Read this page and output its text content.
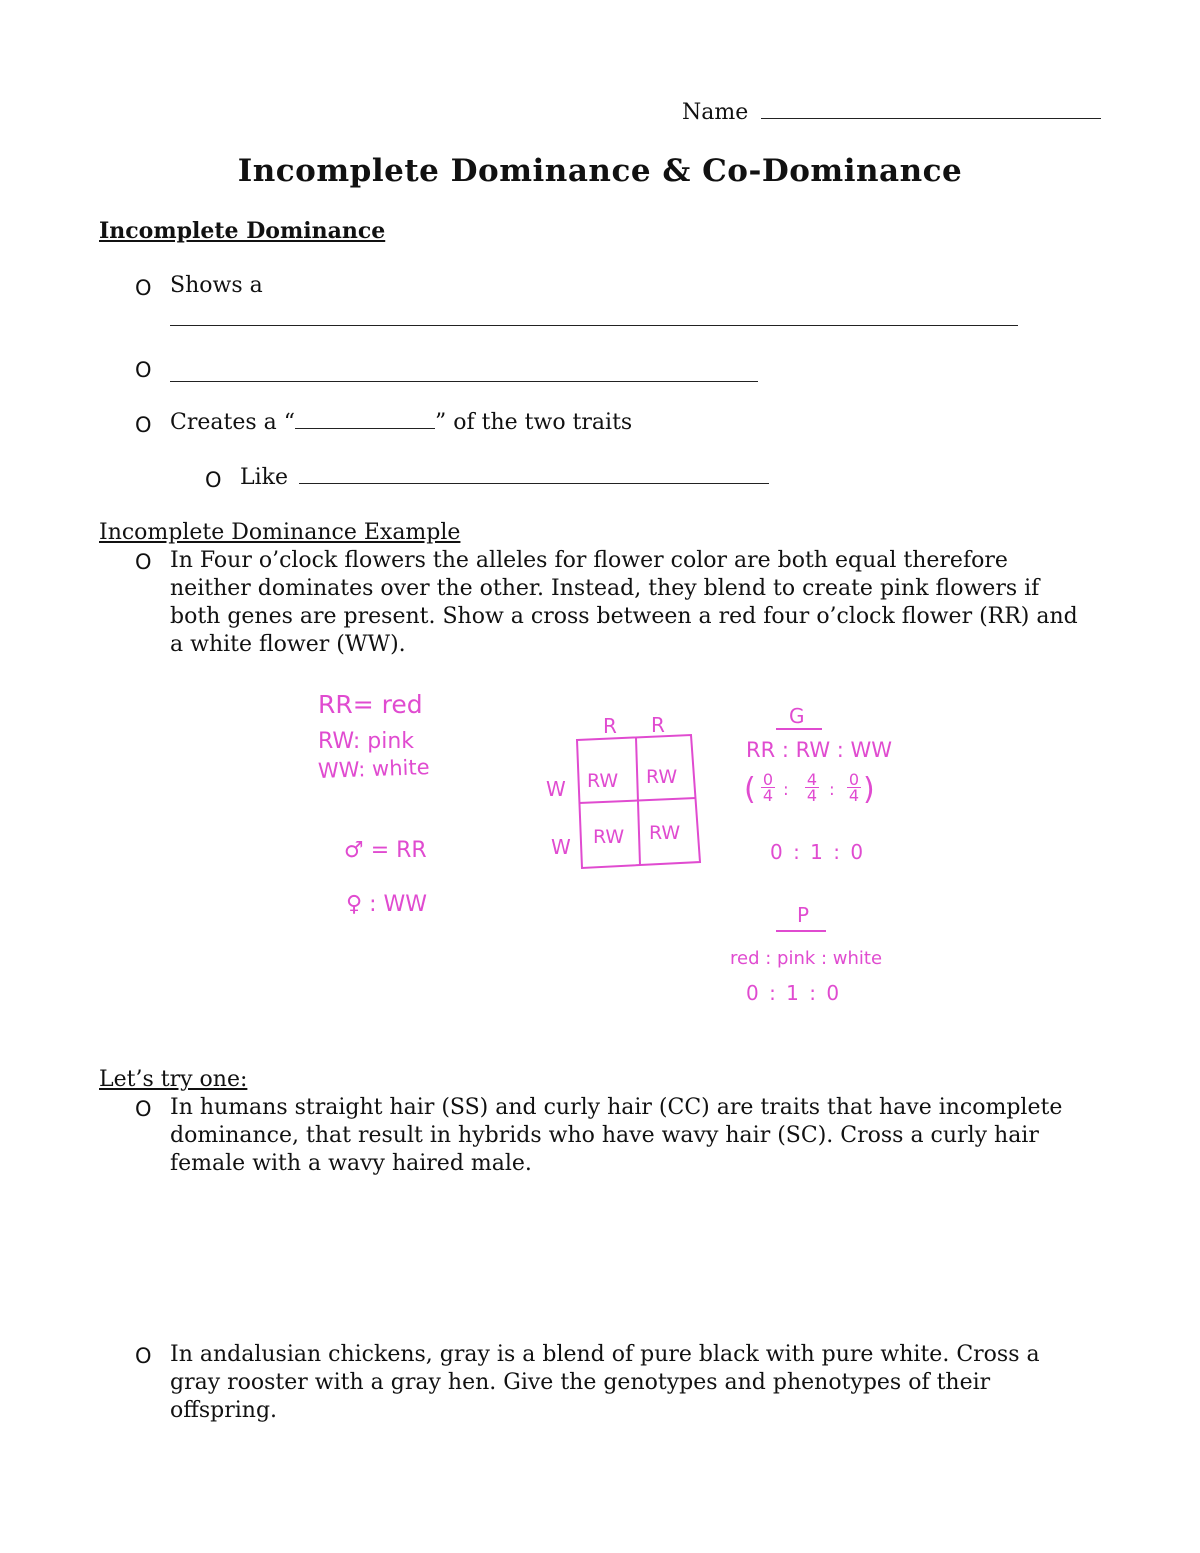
Name
Incomplete Dominance & Co-Dominance
Incomplete Dominance
O Shows a
O
O Creates a “	” of the two traits
O Like
Incomplete Dominance Example
O In Four o’clock flowers the alleles for flower color are both equal therefore neither dominates over the other. Instead, they blend to create pink flowers if both genes are present. Show a cross between a red four o’clock flower (RR) and a white flower (WW).
RR= red
RW: pink
WW: white
♂ = RR
♀ : WW
R R
W
W
RW RW
RW RW
G
RR : RW : WW
(	)
$\frac{0}{4}$ : $\frac{4}{4}$ : $\frac{0}{4}$
0 : 1 : 0
P
red : pink : white
0 : 1 : 0
Let’s try one:
O In humans straight hair (SS) and curly hair (CC) are traits that have incomplete dominance, that result in hybrids who have wavy hair (SC). Cross a curly hair female with a wavy haired male.
O In andalusian chickens, gray is a blend of pure black with pure white. Cross a gray rooster with a gray hen. Give the genotypes and phenotypes of their offspring.
